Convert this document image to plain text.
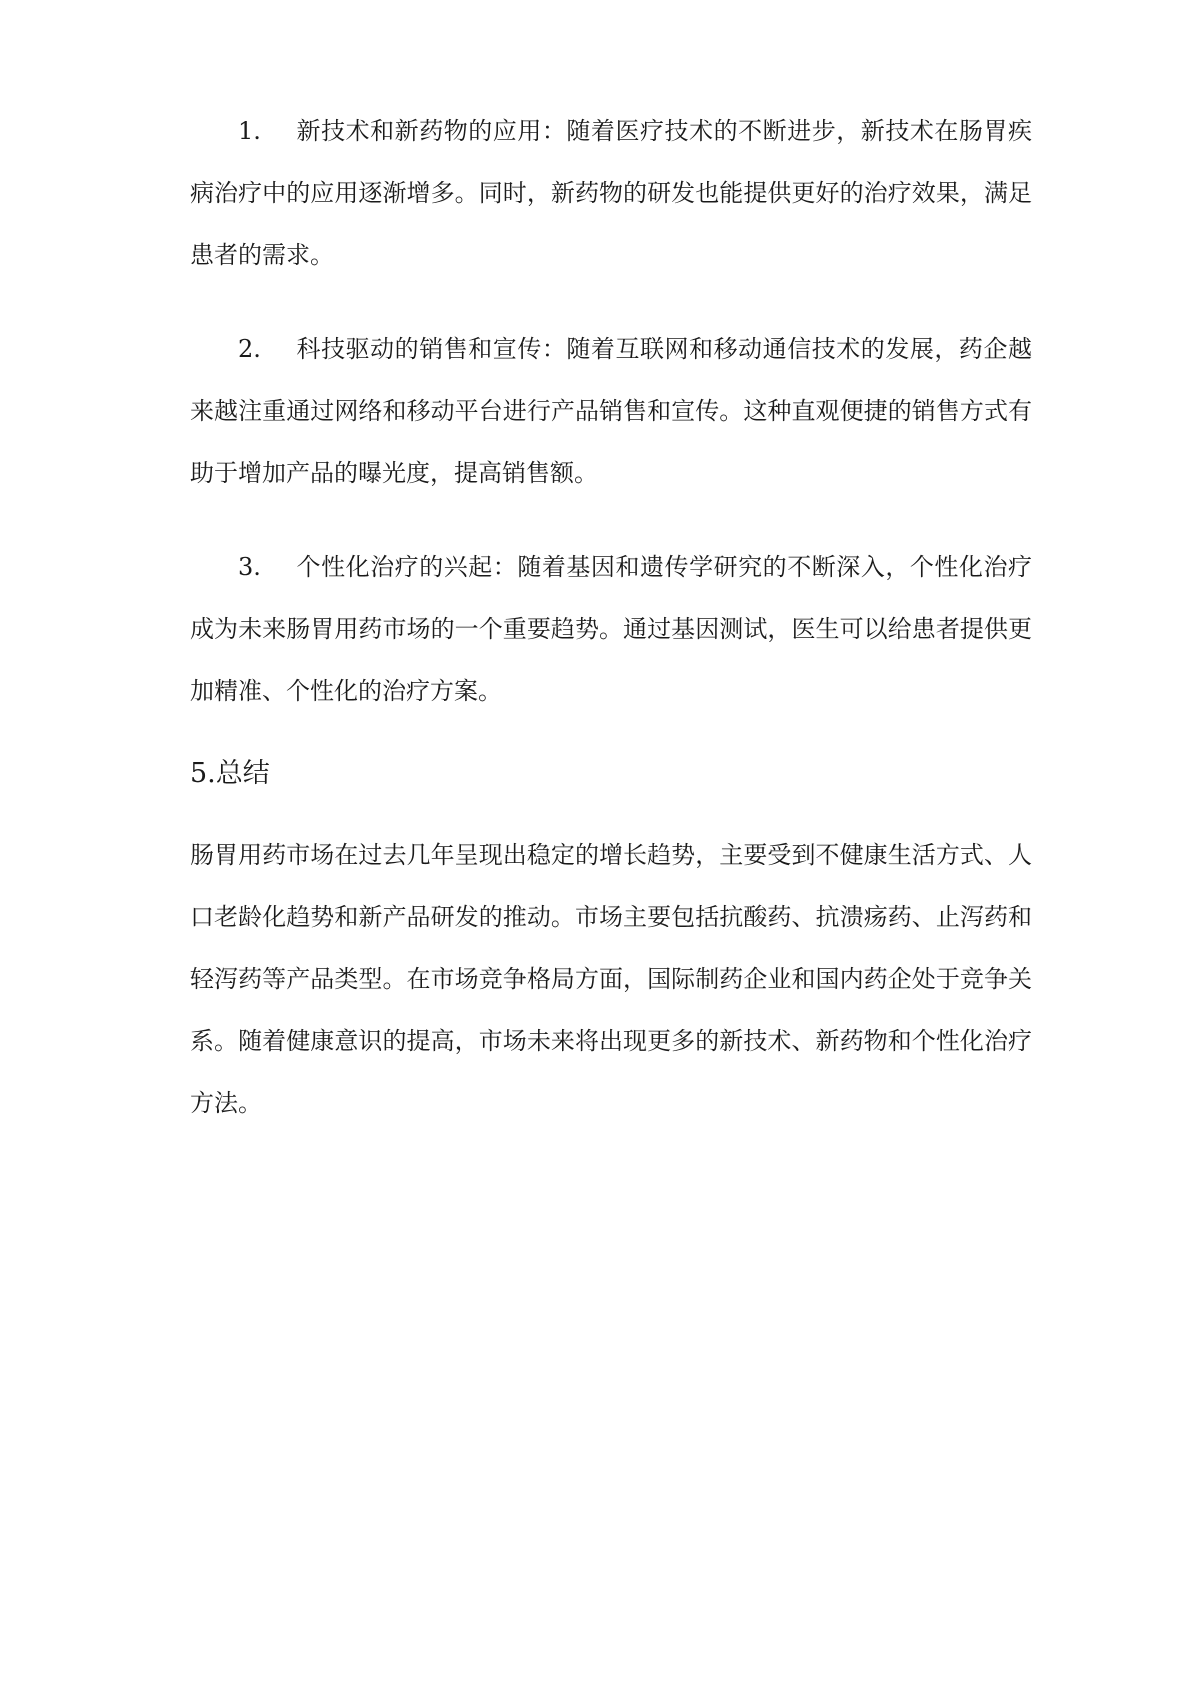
1. 新技术和新药物的应用：随着医疗技术的不断进步，新技术在肠胃疾病治疗中的应用逐渐增多。同时，新药物的研发也能提供更好的治疗效果，满足患者的需求。

2. 科技驱动的销售和宣传：随着互联网和移动通信技术的发展，药企越来越注重通过网络和移动平台进行产品销售和宣传。这种直观便捷的销售方式有助于增加产品的曝光度，提高销售额。

3. 个性化治疗的兴起：随着基因和遗传学研究的不断深入，个性化治疗成为未来肠胃用药市场的一个重要趋势。通过基因测试，医生可以给患者提供更加精准、个性化的治疗方案。

5.总结

肠胃用药市场在过去几年呈现出稳定的增长趋势，主要受到不健康生活方式、人口老龄化趋势和新产品研发的推动。市场主要包括抗酸药、抗溃疡药、止泻药和轻泻药等产品类型。在市场竞争格局方面，国际制药企业和国内药企处于竞争关系。随着健康意识的提高，市场未来将出现更多的新技术、新药物和个性化治疗方法。
